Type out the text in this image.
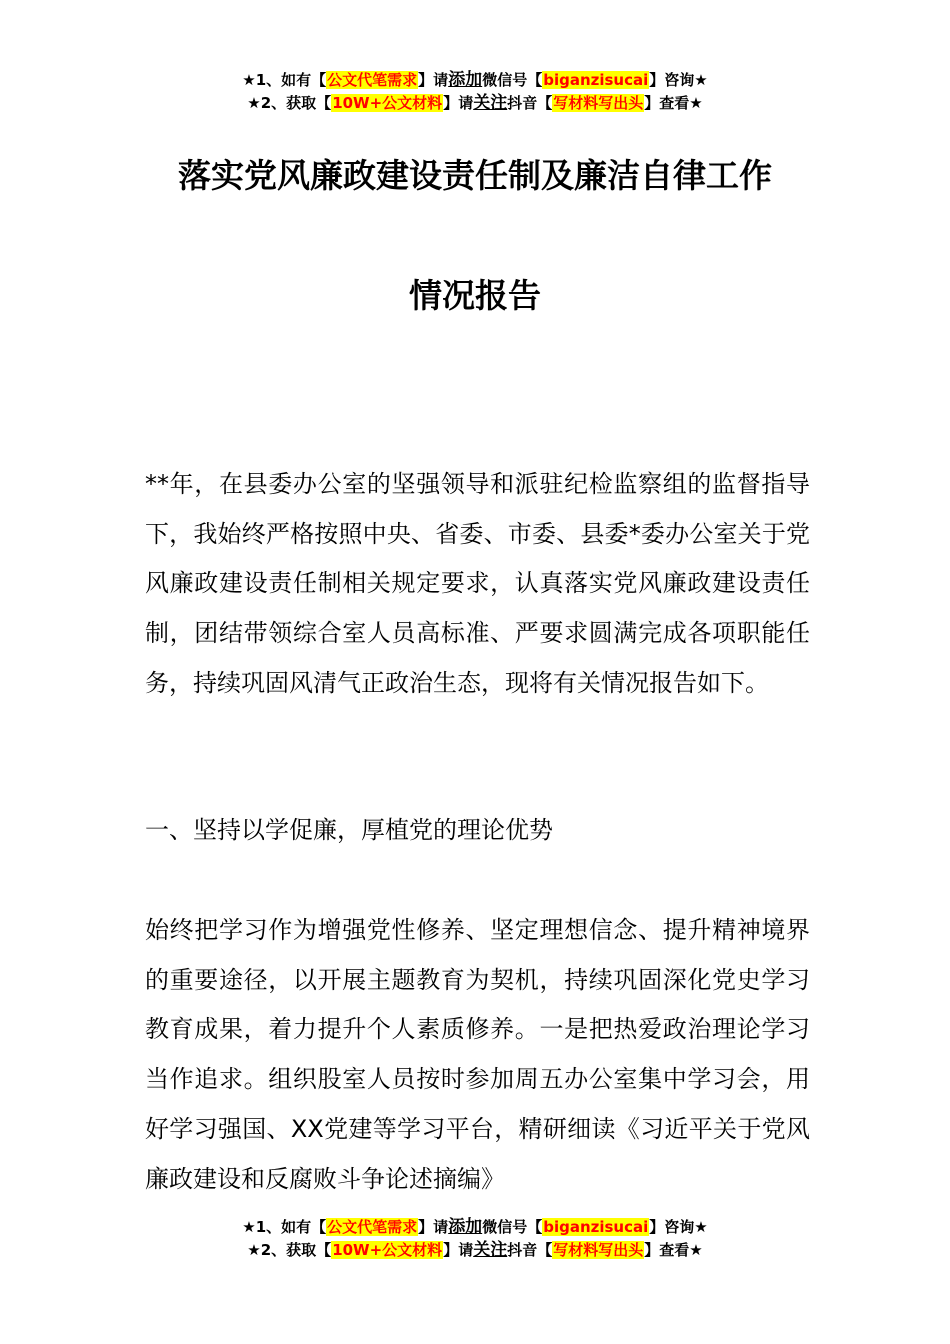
★1、如有【公文代笔需求】请添加微信号【biganzisucai】咨询★
★2、获取【10W+公文材料】请关注抖音【写材料写出头】查看★
落实党风廉政建设责任制及廉洁自律工作
情况报告

**年，在县委办公室的坚强领导和派驻纪检监察组的监督指导下，我始终严格按照中央、省委、市委、县委*委办公室关于党风廉政建设责任制相关规定要求，认真落实党风廉政建设责任制，团结带领综合室人员高标准、严要求圆满完成各项职能任务，持续巩固风清气正政治生态，现将有关情况报告如下。

一、坚持以学促廉，厚植党的理论优势

始终把学习作为增强党性修养、坚定理想信念、提升精神境界的重要途径，以开展主题教育为契机，持续巩固深化党史学习教育成果，着力提升个人素质修养。一是把热爱政治理论学习当作追求。组织股室人员按时参加周五办公室集中学习会，用好学习强国、XX党建等学习平台，精研细读《习近平关于党风廉政建设和反腐败斗争论述摘编》

★1、如有【公文代笔需求】请添加微信号【biganzisucai】咨询★
★2、获取【10W+公文材料】请关注抖音【写材料写出头】查看★
